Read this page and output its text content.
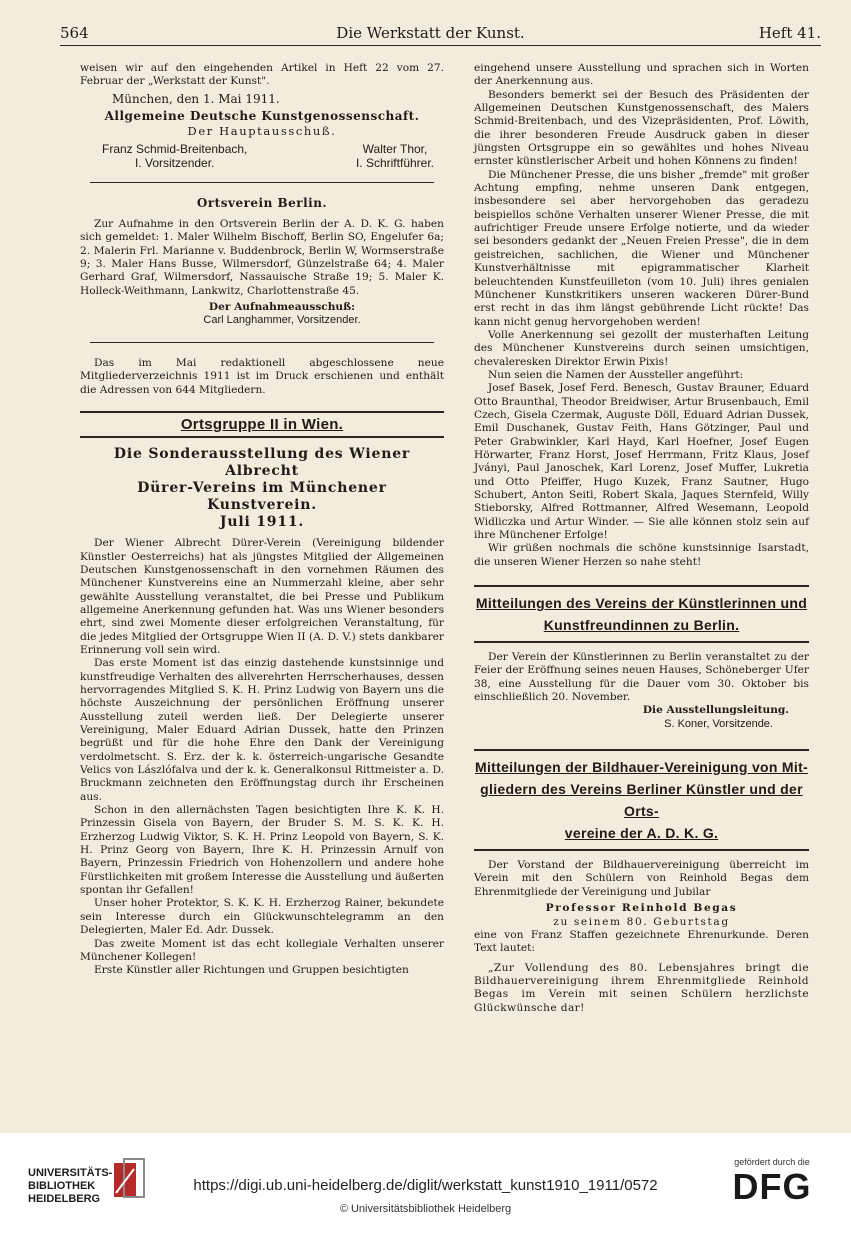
564	Die Werkstatt der Kunst.	Heft 41.

weisen wir auf den eingehenden Artikel in Heft 22 vom 27. Februar der „Werkstatt der Kunst".

München, den 1. Mai 1911.

Allgemeine Deutsche Kunstgenossenschaft.
Der Hauptausschuß.
Franz Schmid-Breitenbach,
I. Vorsitzender.
Walter Thor,
I. Schriftführer.
Ortsverein Berlin.

Zur Aufnahme in den Ortsverein Berlin der A. D. K. G. haben sich gemeldet: 1. Maler Wilhelm Bischoff, Berlin SO, Engelufer 6a; 2. Malerin Frl. Marianne v. Buddenbrock, Berlin W, Wormserstraße 9; 3. Maler Hans Busse, Wilmersdorf, Günzelstraße 64; 4. Maler Gerhard Graf, Wilmersdorf, Nassauische Straße 19; 5. Maler K. Holleck-Weithmann, Lankwitz, Charlottenstraße 45.

Der Aufnahmeausschuß:
Carl Langhammer, Vorsitzender.

Das im Mai redaktionell abgeschlossene neue Mitgliederverzeichnis 1911 ist im Druck erschienen und enthält die Adressen von 644 Mitgliedern.

Ortsgruppe II in Wien.
Die Sonderausstellung des Wiener Albrecht
Dürer-Vereins im Münchener Kunstverein.
Juli 1911.

Der Wiener Albrecht Dürer-Verein (Vereinigung bildender Künstler Oesterreichs) hat als jüngstes Mitglied der Allgemeinen Deutschen Kunstgenossenschaft in den vornehmen Räumen des Münchener Kunstvereins eine an Nummerzahl kleine, aber sehr gewählte Ausstellung veranstaltet, die bei Presse und Publikum allgemeine Anerkennung gefunden hat. Was uns Wiener besonders ehrt, sind zwei Momente dieser erfolgreichen Veranstaltung, für die jedes Mitglied der Ortsgruppe Wien II (A. D. V.) stets dankbarer Erinnerung voll sein wird.

Das erste Moment ist das einzig dastehende kunstsinnige und kunstfreudige Verhalten des allverehrten Herrscherhauses, dessen hervorragendes Mitglied S. K. H. Prinz Ludwig von Bayern uns die höchste Auszeichnung der persönlichen Eröffnung unserer Ausstellung zuteil werden ließ. Der Delegierte unserer Vereinigung, Maler Eduard Adrian Dussek, hatte den Prinzen begrüßt und für die hohe Ehre den Dank der Vereinigung verdolmetscht. S. Erz. der k. k. österreich-ungarische Gesandte Velics von Lászlófalva und der k. k. Generalkonsul Rittmeister a. D. Bruckmann zeichneten den Eröffnungstag durch ihr Erscheinen aus.

Schon in den allernächsten Tagen besichtigten Ihre K. K. H. Prinzessin Gisela von Bayern, der Bruder S. M. S. K. K. H. Erzherzog Ludwig Viktor, S. K. H. Prinz Leopold von Bayern, S. K. H. Prinz Georg von Bayern, Ihre K. H. Prinzessin Arnulf von Bayern, Prinzessin Friedrich von Hohenzollern und andere hohe Fürstlichkeiten mit großem Interesse die Ausstellung und äußerten spontan ihr Gefallen!

Unser hoher Protektor, S. K. K. H. Erzherzog Rainer, bekundete sein Interesse durch ein Glückwunschtelegramm an den Delegierten, Maler Ed. Adr. Dussek.

Das zweite Moment ist das echt kollegiale Verhalten unserer Münchener Kollegen!

Erste Künstler aller Richtungen und Gruppen besichtigten

eingehend unsere Ausstellung und sprachen sich in Worten der Anerkennung aus.

Besonders bemerkt sei der Besuch des Präsidenten der Allgemeinen Deutschen Kunstgenossenschaft, des Malers Schmid-Breitenbach, und des Vizepräsidenten, Prof. Löwith, die ihrer besonderen Freude Ausdruck gaben in dieser jüngsten Ortsgruppe ein so gewähltes und hohes Niveau ernster künstlerischer Arbeit und hohen Könnens zu finden!

Die Münchener Presse, die uns bisher „fremde" mit großer Achtung empfing, nehme unseren Dank entgegen, insbesondere sei aber hervorgehoben das geradezu beispiellos schöne Verhalten unserer Wiener Presse, die mit aufrichtiger Freude unsere Erfolge notierte, und da wieder sei besonders gedankt der „Neuen Freien Presse", die in dem geistreichen, sachlichen, die Wiener und Münchener Kunstverhältnisse mit epigrammatischer Klarheit beleuchtenden Kunstfeuilleton (vom 10. Juli) ihres genialen Münchener Kunstkritikers unseren wackeren Dürer-Bund erst recht in das ihm längst gebührende Licht rückte! Das kann nicht genug hervorgehoben werden!

Volle Anerkennung sei gezollt der musterhaften Leitung des Münchener Kunstvereins durch seinen umsichtigen, chevaleresken Direktor Erwin Pixis!

Nun seien die Namen der Aussteller angeführt:

Josef Basek, Josef Ferd. Benesch, Gustav Brauner, Eduard Otto Braunthal, Theodor Breidwiser, Artur Brusenbauch, Emil Czech, Gisela Czermak, Auguste Döll, Eduard Adrian Dussek, Emil Duschanek, Gustav Feith, Hans Götzinger, Paul und Peter Grabwinkler, Karl Hayd, Karl Hoefner, Josef Eugen Hörwarter, Franz Horst, Josef Herrmann, Fritz Klaus, Josef Jványi, Paul Janoschek, Karl Lorenz, Josef Muffer, Lukretia und Otto Pfeiffer, Hugo Kuzek, Franz Sautner, Hugo Schubert, Anton Seitl, Robert Skala, Jaques Sternfeld, Willy Stieborsky, Alfred Rottmanner, Alfred Wesemann, Leopold Widliczka und Artur Winder. — Sie alle können stolz sein auf ihre Münchener Erfolge!

Wir grüßen nochmals die schöne kunstsinnige Isarstadt, die unseren Wiener Herzen so nahe steht!

Mitteilungen des Vereins der Künstlerinnen und
Kunstfreundinnen zu Berlin.

Der Verein der Künstlerinnen zu Berlin veranstaltet zu der Feier der Eröffnung seines neuen Hauses, Schöneberger Ufer 38, eine Ausstellung für die Dauer vom 30. Oktober bis einschließlich 20. November.

Die Ausstellungsleitung.
S. Koner, Vorsitzende.
Mitteilungen der Bildhauer-Vereinigung von Mit-
gliedern des Vereins Berliner Künstler und der Orts-
vereine der A. D. K. G.

Der Vorstand der Bildhauervereinigung überreicht im Verein mit den Schülern von Reinhold Begas dem Ehrenmitgliede der Vereinigung und Jubilar

Professor Reinhold Begas
zu seinem 80. Geburtstag

eine von Franz Staffen gezeichnete Ehrenurkunde. Deren Text lautet:

„Zur Vollendung des 80. Lebensjahres bringt die Bildhauervereinigung ihrem Ehrenmitgliede Reinhold Begas im Verein mit seinen Schülern herzlichste Glückwünsche dar!

UNIVERSITÄTS-BIBLIOTHEK HEIDELBERG
https://digi.ub.uni-heidelberg.de/diglit/werkstatt_kunst1910_1911/0572
© Universitätsbibliothek Heidelberg
gefördert durch die
DFG
